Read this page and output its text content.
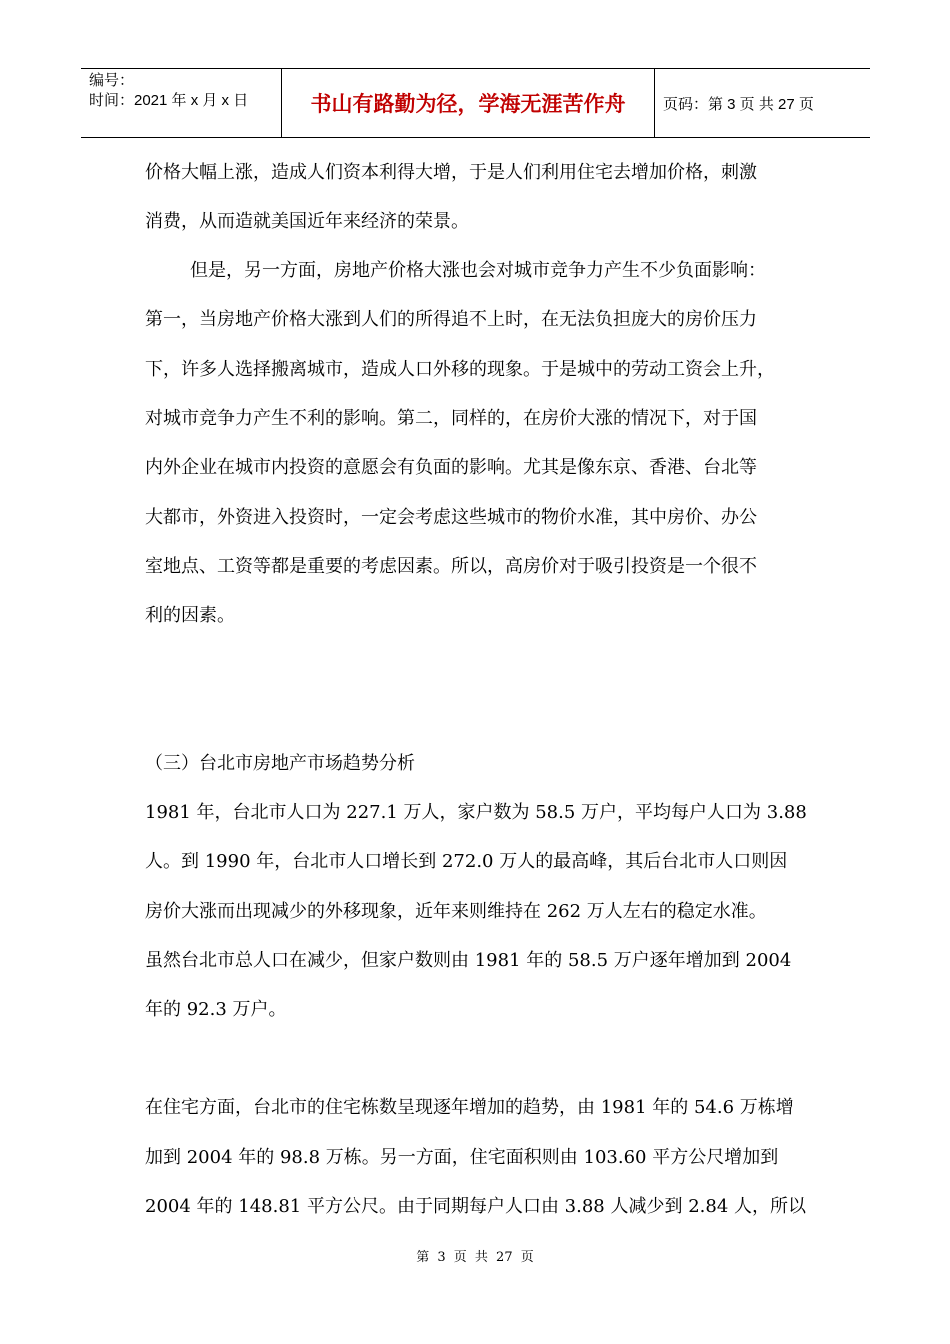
编号：
时间：2021 年 x 月 x 日	书山有路勤为径，学海无涯苦作舟	页码：第 3 页 共 27 页
价格大幅上涨，造成人们资本利得大增，于是人们利用住宅去增加价格，刺激
消费，从而造就美国近年来经济的荣景。
但是，另一方面，房地产价格大涨也会对城市竞争力产生不少负面影响：
第一，当房地产价格大涨到人们的所得追不上时，在无法负担庞大的房价压力
下，许多人选择搬离城市，造成人口外移的现象。于是城中的劳动工资会上升，
对城市竞争力产生不利的影响。第二，同样的，在房价大涨的情况下，对于国
内外企业在城市内投资的意愿会有负面的影响。尤其是像东京、香港、台北等
大都市，外资进入投资时，一定会考虑这些城市的物价水准，其中房价、办公
室地点、工资等都是重要的考虑因素。所以，高房价对于吸引投资是一个很不
利的因素。
（三）台北市房地产市场趋势分析
1981 年，台北市人口为 227.1 万人，家户数为 58.5 万户，平均每户人口为 3.88
人。到 1990 年，台北市人口增长到 272.0 万人的最高峰，其后台北市人口则因
房价大涨而出现减少的外移现象，近年来则维持在 262 万人左右的稳定水准。
虽然台北市总人口在减少，但家户数则由 1981 年的 58.5 万户逐年增加到 2004
年的 92.3 万户。
在住宅方面，台北市的住宅栋数呈现逐年增加的趋势，由 1981 年的 54.6 万栋增
加到 2004 年的 98.8 万栋。另一方面，住宅面积则由 103.60 平方公尺增加到
2004 年的 148.81 平方公尺。由于同期每户人口由 3.88 人减少到 2.84 人，所以
第 3 页 共 27 页
